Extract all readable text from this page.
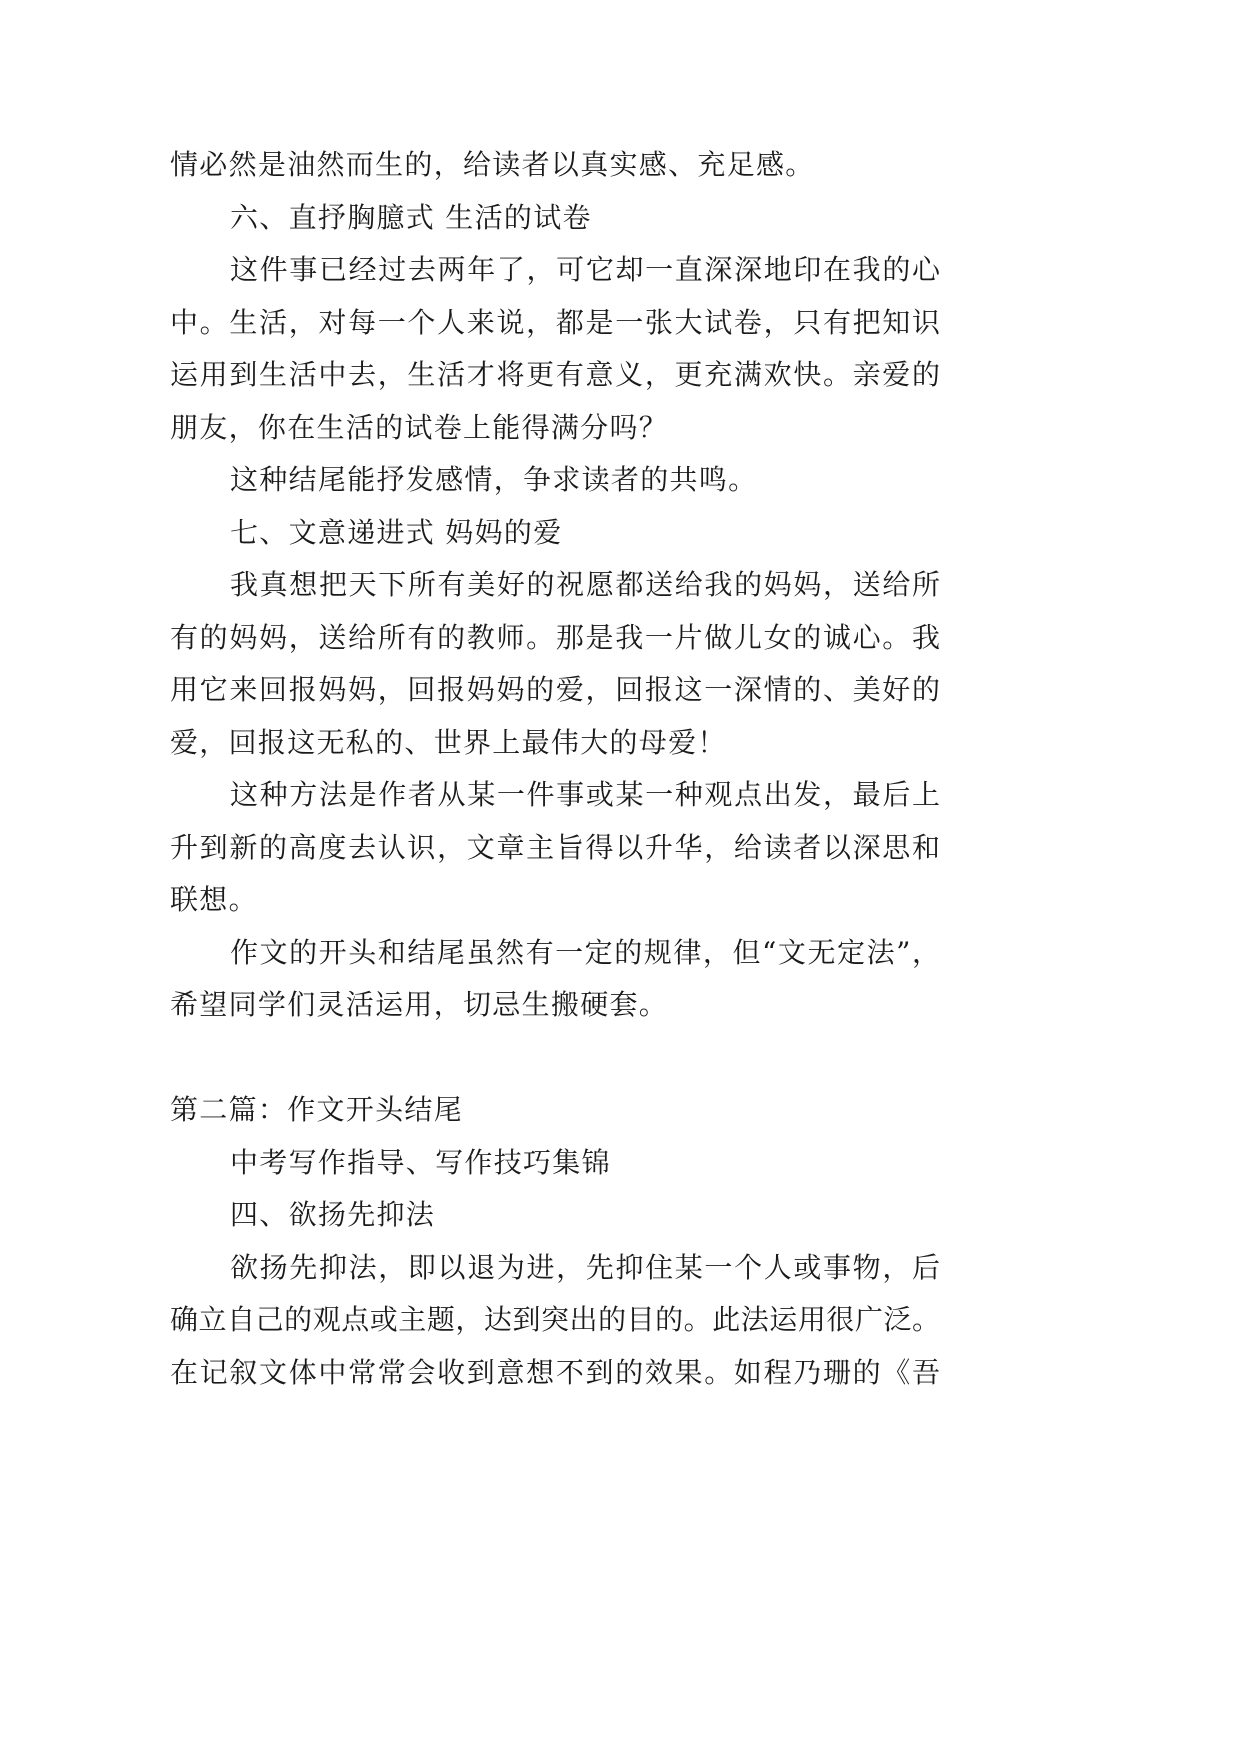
情必然是油然而生的，给读者以真实感、充足感。
六、直抒胸臆式 生活的试卷
这件事已经过去两年了，可它却一直深深地印在我的心
中。生活，对每一个人来说，都是一张大试卷，只有把知识
运用到生活中去，生活才将更有意义，更充满欢快。亲爱的
朋友，你在生活的试卷上能得满分吗？
这种结尾能抒发感情，争求读者的共鸣。
七、文意递进式 妈妈的爱
我真想把天下所有美好的祝愿都送给我的妈妈，送给所
有的妈妈，送给所有的教师。那是我一片做儿女的诚心。我
用它来回报妈妈，回报妈妈的爱，回报这一深情的、美好的
爱，回报这无私的、世界上最伟大的母爱！
这种方法是作者从某一件事或某一种观点出发，最后上
升到新的高度去认识，文章主旨得以升华，给读者以深思和
联想。
作文的开头和结尾虽然有一定的规律，但“文无定法”，
希望同学们灵活运用，切忌生搬硬套。
第二篇：作文开头结尾
中考写作指导、写作技巧集锦
四、欲扬先抑法
欲扬先抑法，即以退为进，先抑住某一个人或事物，后
确立自己的观点或主题，达到突出的目的。此法运用很广泛。
在记叙文体中常常会收到意想不到的效果。如程乃珊的《吾
